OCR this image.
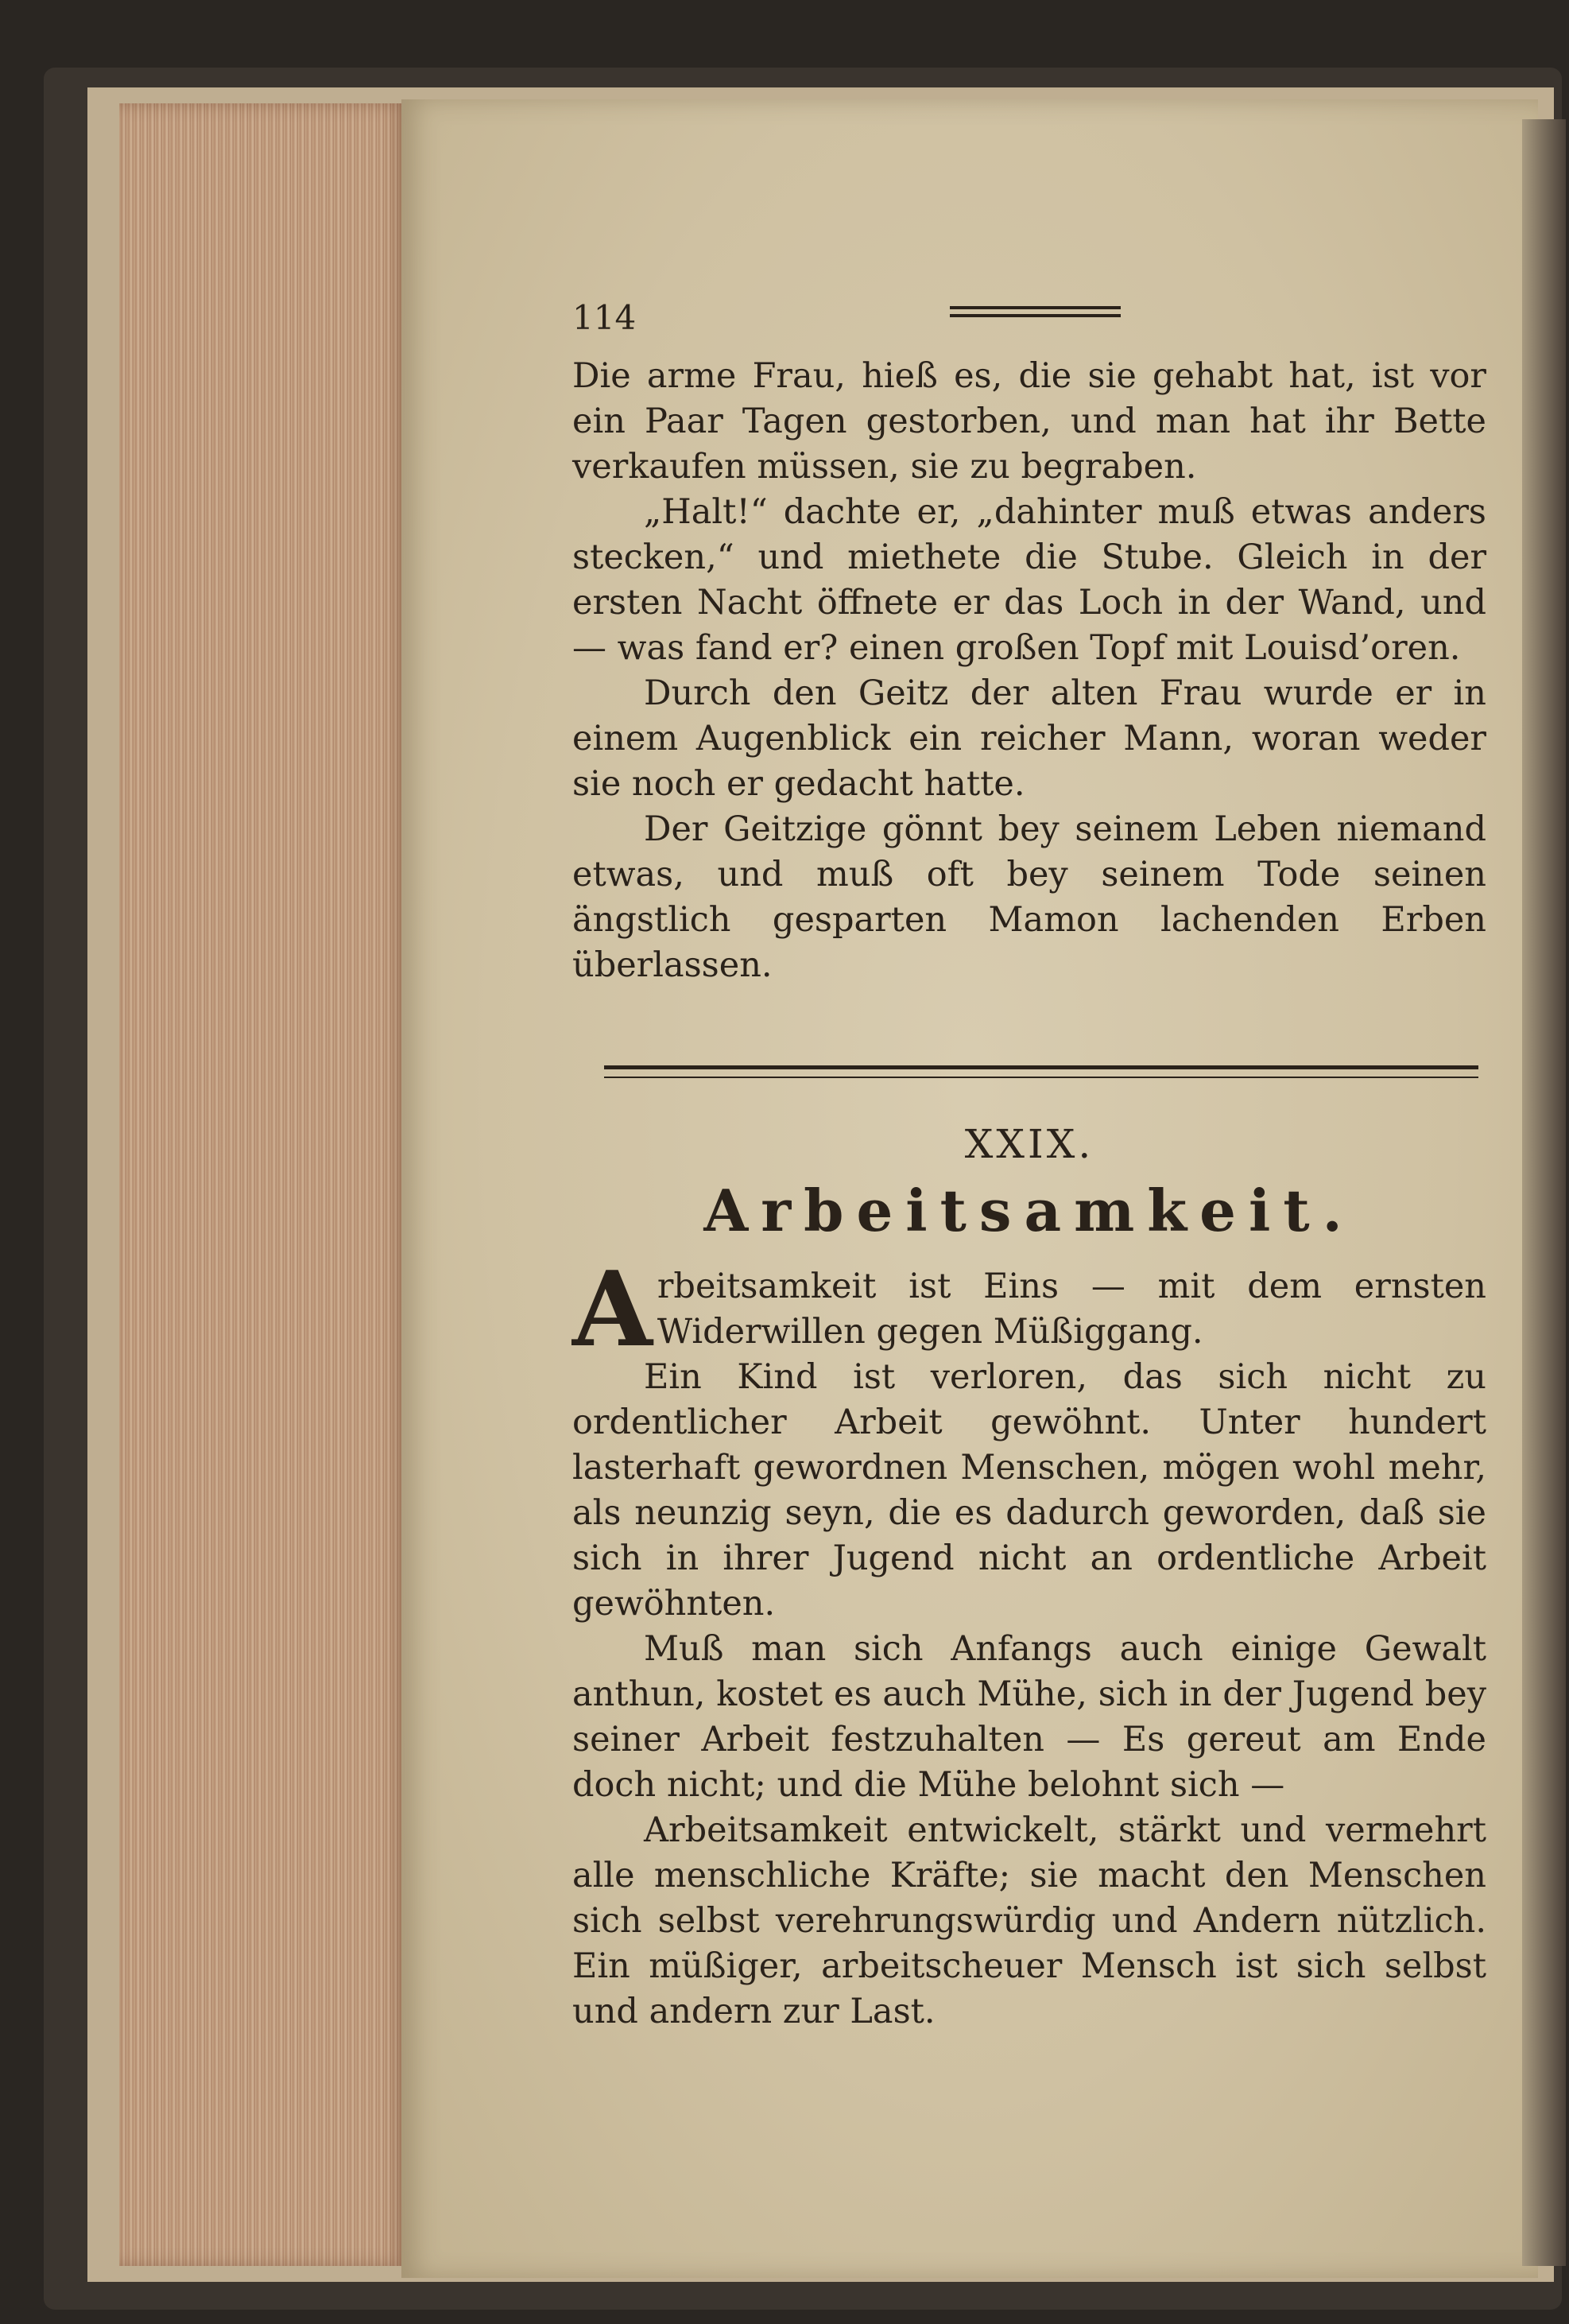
114

Die arme Frau, hieß es, die sie gehabt hat, ist vor ein Paar Tagen gestorben, und man hat ihr Bette verkaufen müssen, sie zu begraben.

„Halt!“ dachte er, „dahinter muß etwas anders stecken,“ und miethete die Stube. Gleich in der ersten Nacht öffnete er das Loch in der Wand, und — was fand er? einen großen Topf mit Louisd’oren.

Durch den Geitz der alten Frau wurde er in einem Augenblick ein reicher Mann, woran weder sie noch er gedacht hatte.

Der Geitzige gönnt bey seinem Leben niemand etwas, und muß oft bey seinem Tode seinen ängstlich gesparten Mamon lachenden Erben überlassen.

XXIX.
Arbeitsamkeit.

Arbeitsamkeit ist Eins — mit dem ernsten Widerwillen gegen Müßiggang.

Ein Kind ist verloren, das sich nicht zu ordentlicher Arbeit gewöhnt. Unter hundert lasterhaft gewordnen Menschen, mögen wohl mehr, als neunzig seyn, die es dadurch geworden, daß sie sich in ihrer Jugend nicht an ordentliche Arbeit gewöhnten.

Muß man sich Anfangs auch einige Gewalt anthun, kostet es auch Mühe, sich in der Jugend bey seiner Arbeit festzuhalten — Es gereut am Ende doch nicht; und die Mühe belohnt sich —

Arbeitsamkeit entwickelt, stärkt und vermehrt alle menschliche Kräfte; sie macht den Menschen sich selbst verehrungswürdig und Andern nützlich. Ein müßiger, arbeitscheuer Mensch ist sich selbst und andern zur Last.
